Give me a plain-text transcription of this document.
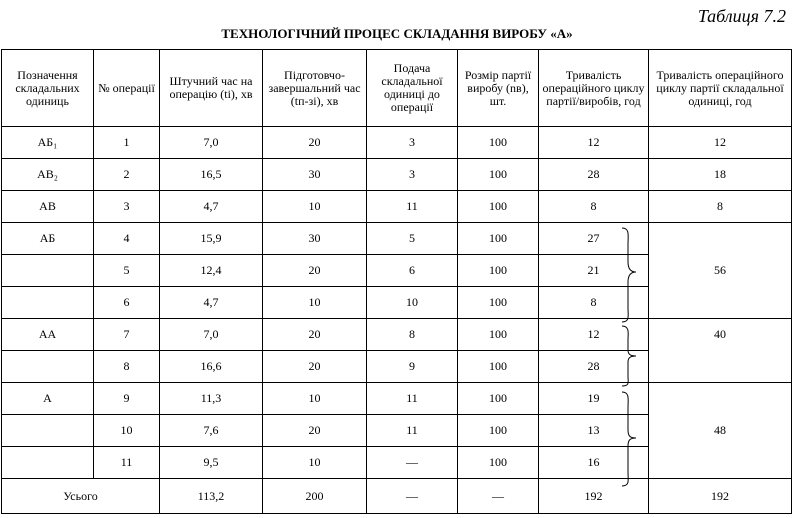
Таблиця 7.2
ТЕХНОЛОГІЧНИЙ ПРОЦЕС СКЛАДАННЯ ВИРОБУ «А»
Позначення складальних одиниць	№ операції	Штучний час на операцію (tі), хв	Підготовчо-завершальний час (tп-зі), хв	Подача складальної одиниці до операції	Розмір партії виробу (nв), шт.	Тривалість операційного циклу партії/виробів, год	Тривалість операційного циклу партії складальної одиниці, год
АБ₁	1	7,0	20	3	100	12	12
АВ₂	2	16,5	30	3	100	28	18
АВ	3	4,7	10	11	100	8	8
АБ	4	15,9	30	5	100	27	56
	5	12,4	20	6	100	21	
	6	4,7	10	10	100	8	
АА	7	7,0	20	8	100	12	40
	8	16,6	20	9	100	28	
А	9	11,3	10	11	100	19	48
	10	7,6	20	11	100	13	
	11	9,5	10	—	100	16	
Усього		113,2	200	—	—	192	192
